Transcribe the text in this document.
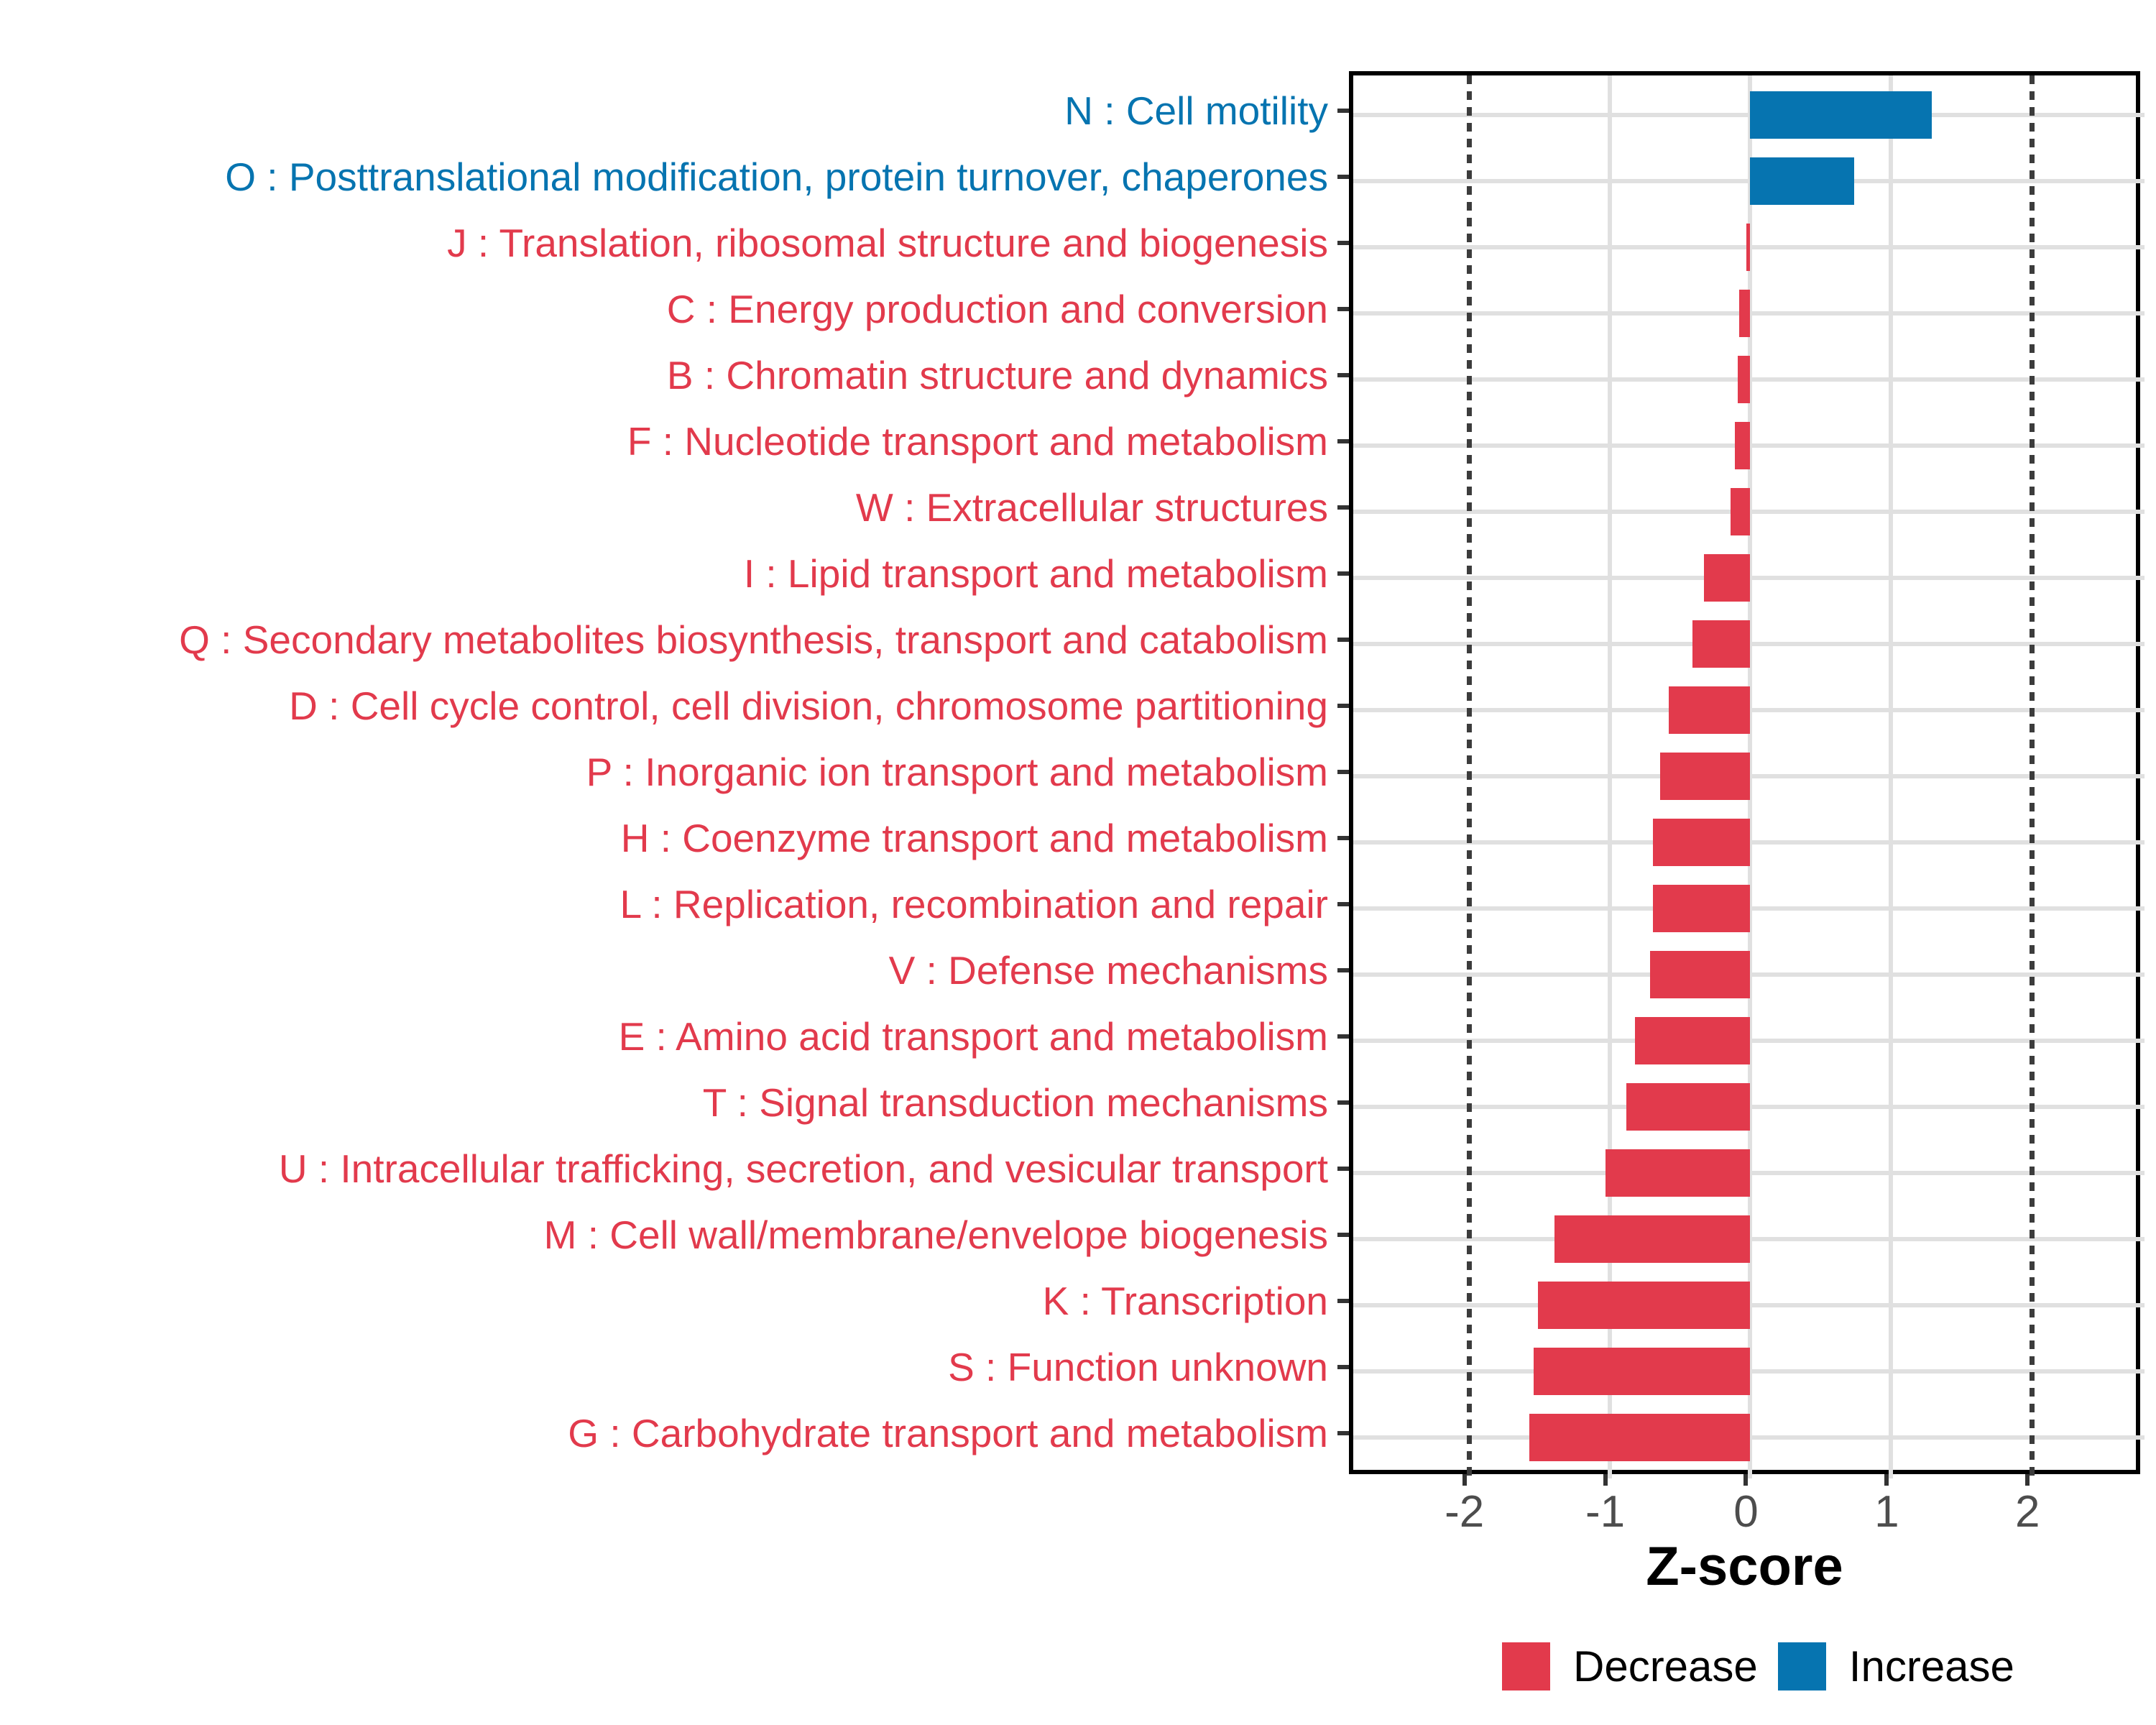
N : Cell motility
O : Posttranslational modification, protein turnover, chaperones
J : Translation, ribosomal structure and biogenesis
C : Energy production and conversion
B : Chromatin structure and dynamics
F : Nucleotide transport and metabolism
W : Extracellular structures
I : Lipid transport and metabolism
Q : Secondary metabolites biosynthesis, transport and catabolism
D : Cell cycle control, cell division, chromosome partitioning
P : Inorganic ion transport and metabolism
H : Coenzyme transport and metabolism
L : Replication, recombination and repair
V : Defense mechanisms
E : Amino acid transport and metabolism
T : Signal transduction mechanisms
U : Intracellular trafficking, secretion, and vesicular transport
M : Cell wall/membrane/envelope biogenesis
K : Transcription
S : Function unknown
G : Carbohydrate transport and metabolism
-2	-1	0	1	2
Z-score
Decrease Increase
